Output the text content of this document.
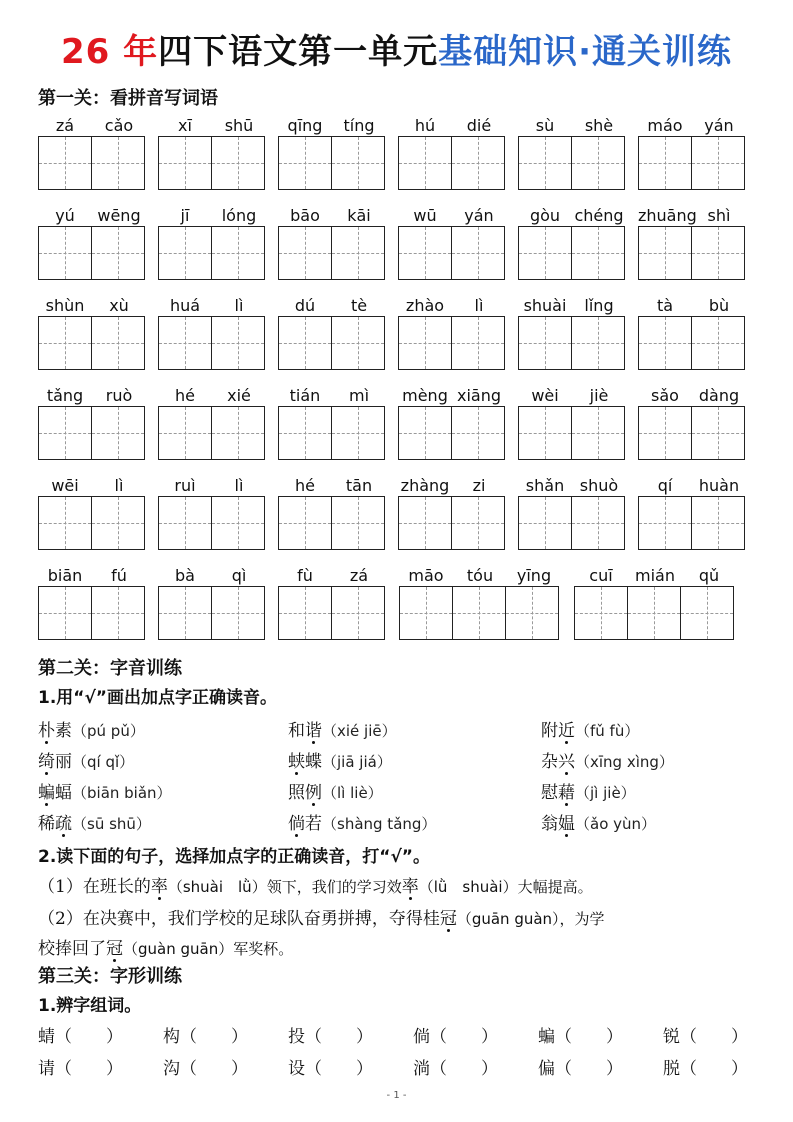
26 年四下语文第一单元基础知识·通关训练
第一关：看拼音写词语
zá	cǎo	xī	shū	qīng	tíng	hú	dié	sù	shè	máo	yán
yú	wēng	jī	lóng	bāo	kāi	wū	yán	gòu chéng zhuāng shì
shùn	xù	huá	lì	dú	tè	zhào	lì	shuài	lǐng	tà	bù
tǎng	ruò	hé	xié	tián	mì	mèng xiāng	wèi	jiè	sǎo	dàng
wēi	lì	ruì	lì	hé	tān	zhàng	zi	shǎn shuò	qí	huàn
biān	fú	bà	qì	fù	zá	māo	tóu	yīng	cuī	mián	qǔ
第二关：字音训练
1.用“√”画出加点字正确读音。
朴素（pú pǔ）	和谐（xié jiē）	附近（fǔ fù）
绮丽（qí qǐ）	蛱蝶（jiā jiá）	杂兴（xīng xìng）
蝙蝠（biān biǎn）	照例（lì liè）	慰藉（jì jiè）
稀疏（sū shū）	倘若（shàng tǎng）	翁媪（ǎo yùn）
2.读下面的句子，选择加点字的正确读音，打“√”。
（1）在班长的率（shuài　lǜ）领下，我们的学习效率（lǜ　shuài）大幅提高。
（2）在决赛中，我们学校的足球队奋勇拼搏，夺得桂冠（guān guàn），为学
校捧回了冠（guàn guān）军奖杯。
第三关：字形训练
1.辨字组词。
蜻（　　） 构（　　） 投（　　） 倘（　　） 蝙（　　） 锐（　　）
请（　　） 沟（　　） 设（　　） 淌（　　） 偏（　　） 脱（　　）
- 1 -
